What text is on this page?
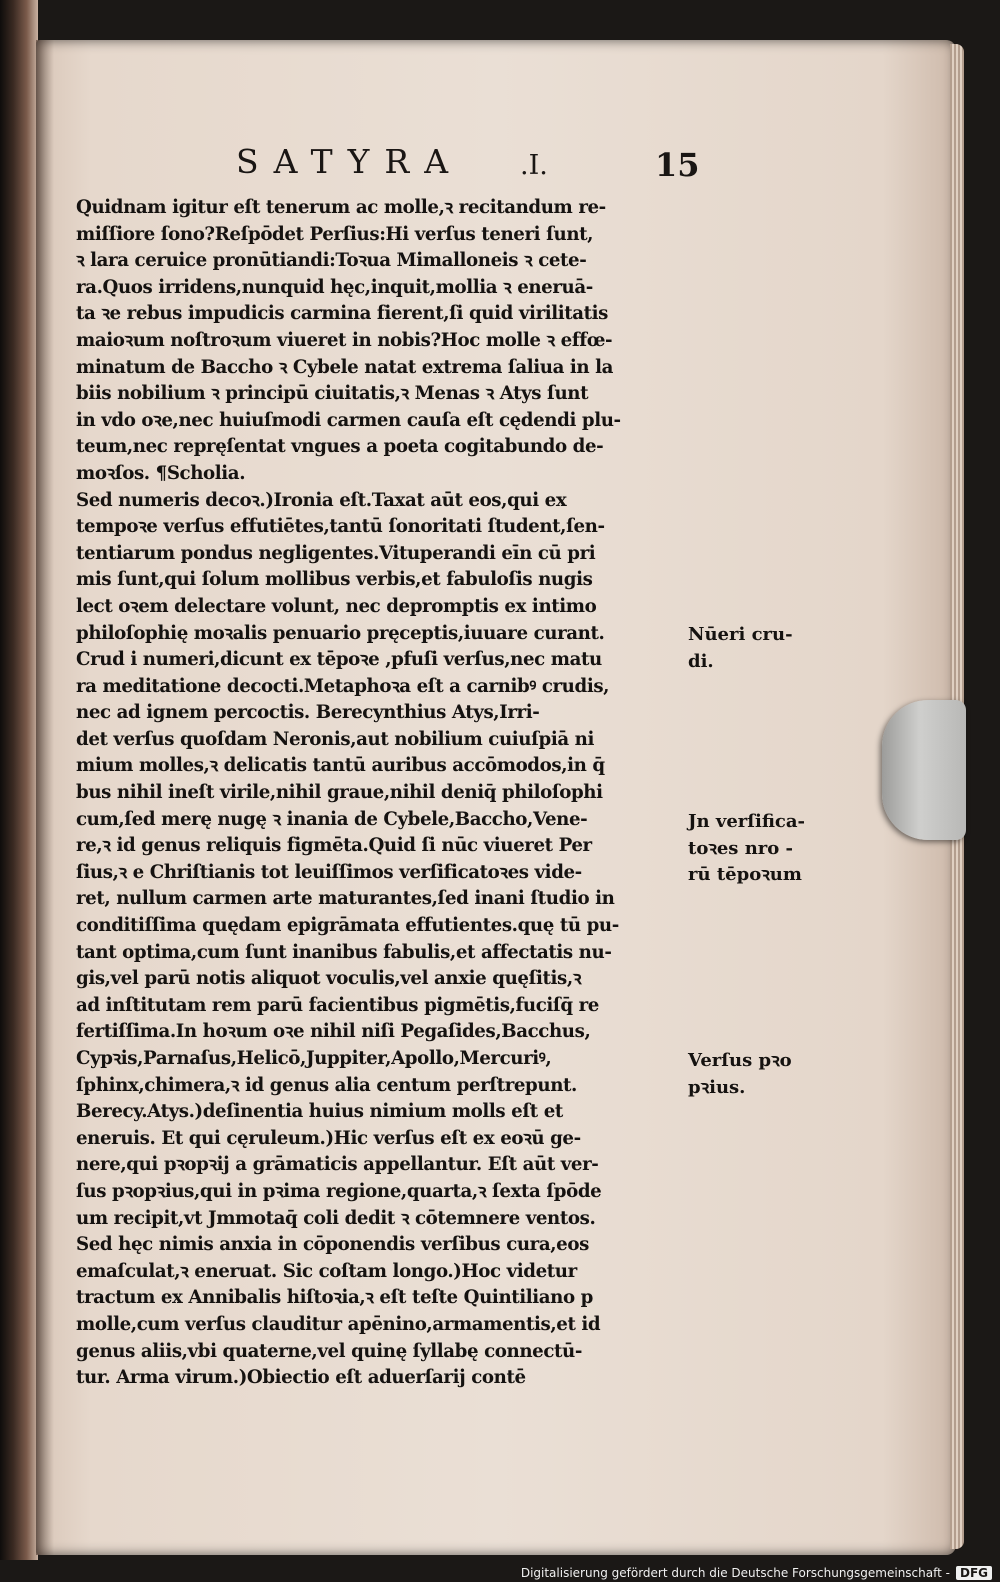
SATYRA	.I.	15
Quidnam igitur eſt tenerum ac molle,ꝛ recitandum re-
miſſiore ſono?Reſpōdet Perſius:Hi verſus teneri ſunt,
ꝛ lara ceruice pronūtiandi:Toꝛua Mimalloneis ꝛ cete-
ra.Quos irridens,nunquid hęc,inquit,mollia ꝛ eneruā-
ta ꝛe rebus impudicis carmina fierent,ſi quid virilitatis
maioꝛum noſtroꝛum viueret in nobis?Hoc molle ꝛ effœ-
minatum de Baccho ꝛ Cybele natat extrema ſaliua in la
biis nobilium ꝛ principū ciuitatis,ꝛ Menas ꝛ Atys ſunt
in vdo oꝛe,nec huiuſmodi carmen cauſa eſt cędendi plu-
teum,nec repręſentat vngues a poeta cogitabundo de-
moꝛſos. ¶Scholia.
Sed numeris decoꝛ.)Ironia eſt.Taxat aūt eos,qui ex
tempoꝛe verſus effutiētes,tantū ſonoritati ſtudent,ſen-
tentiarum pondus negligentes.Vituperandi eīn cū pri
mis ſunt,qui ſolum mollibus verbis,et fabuloſis nugis
lect oꝛem delectare volunt, nec depromptis ex intimo
philoſophię moꝛalis penuario pręceptis,iuuare curant.
Crud i numeri,dicunt ex tēpoꝛe ,pfuſi verſus,nec matu
ra meditatione decocti.Metaphoꝛa eſt a carnibꝰ crudis,
nec ad ignem percoctis. Berecynthius Atys,Irri-
det verſus quoſdam Neronis,aut nobilium cuiuſpiā ni
mium molles,ꝛ delicatis tantū auribus accōmodos,in q̄
bus nihil ineſt virile,nihil graue,nihil deniq̄ philoſophi
cum,ſed merę nugę ꝛ inania de Cybele,Baccho,Vene-
re,ꝛ id genus reliquis figmēta.Quid ſi nūc viueret Per
ſius,ꝛ e Chriſtianis tot leuiſſimos verſificatoꝛes vide-
ret, nullum carmen arte maturantes,ſed inani ſtudio in
conditiſſima quędam epigrāmata effutientes.quę tū pu-
tant optima,cum ſunt inanibus fabulis,et affectatis nu-
gis,vel parū notis aliquot voculis,vel anxie quęſitis,ꝛ
ad inſtitutam rem parū facientibus pigmētis,fuciſq̄ re
fertiſſima.In hoꝛum oꝛe nihil niſi Pegaſides,Bacchus,
Cypꝛis,Parnaſus,Helicō,Juppiter,Apollo,Mercuriꝰ,
ſphinx,chimera,ꝛ id genus alia centum perſtrepunt.
Berecy.Atys.)deſinentia huius nimium molls eſt et
eneruis. Et qui cęruleum.)Hic verſus eſt ex eoꝛū ge-
nere,qui pꝛopꝛij a grāmaticis appellantur. Eſt aūt ver-
ſus pꝛopꝛius,qui in pꝛima regione,quarta,ꝛ ſexta ſpōde
um recipit,vt Jmmotaq̄ coli dedit ꝛ cōtemnere ventos.
Sed hęc nimis anxia in cōponendis verſibus cura,eos
emaſculat,ꝛ eneruat. Sic coſtam longo.)Hoc videtur
tractum ex Annibalis hiſtoꝛia,ꝛ eſt teſte Quintiliano p
molle,cum verſus clauditur apēnino,armamentis,et id
genus aliis,vbi quaterne,vel quinę ſyllabę connectū-
tur. Arma virum.)Obiectio eſt aduerſarij contē
Nūeri cru-
di.
Jn verſifica-
toꝛes nro -
rū tēpoꝛum
Verſus pꝛo
pꝛius.
Digitalisierung gefördert durch die Deutsche Forschungsgemeinschaft - DFG
